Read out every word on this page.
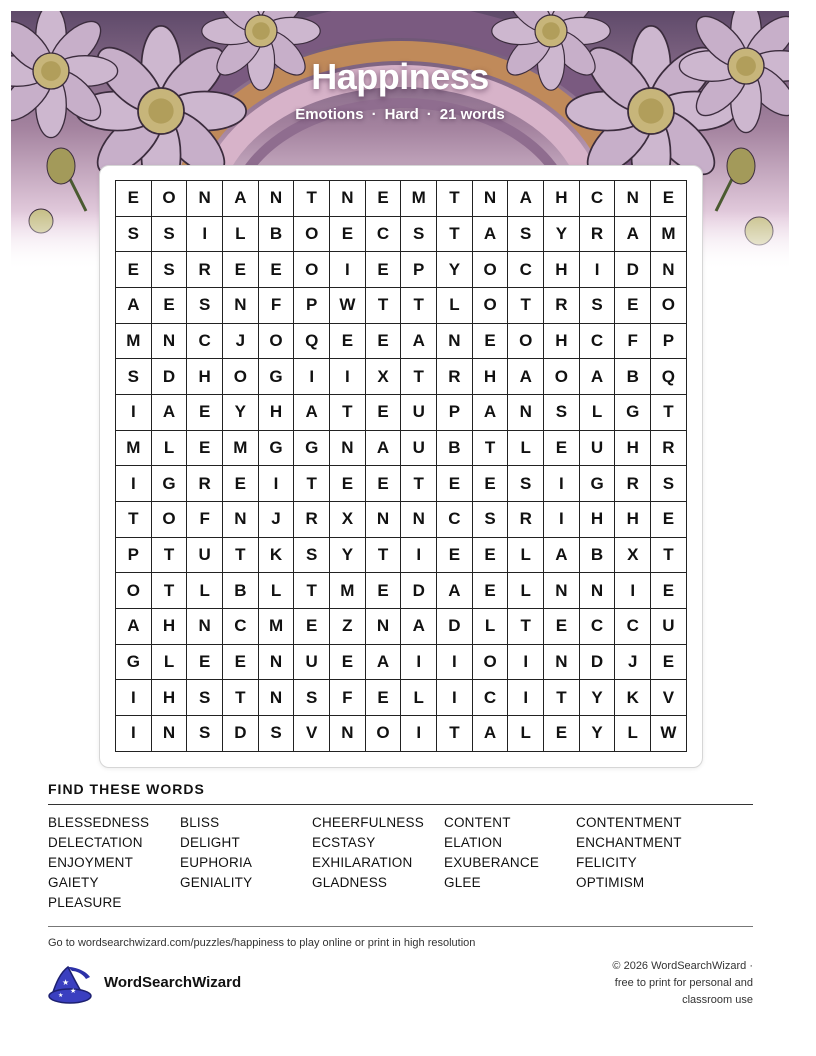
Happiness
Emotions · Hard · 21 words
E	O	N	A	N	T	N	E	M	T	N	A	H	C	N	E
S	S	I	L	B	O	E	C	S	T	A	S	Y	R	A	M
E	S	R	E	E	O	I	E	P	Y	O	C	H	I	D	N
A	E	S	N	F	P	W	T	T	L	O	T	R	S	E	O
M	N	C	J	O	Q	E	E	A	N	E	O	H	C	F	P
S	D	H	O	G	I	I	X	T	R	H	A	O	A	B	Q
I	A	E	Y	H	A	T	E	U	P	A	N	S	L	G	T
M	L	E	M	G	G	N	A	U	B	T	L	E	U	H	R
I	G	R	E	I	T	E	E	T	E	E	S	I	G	R	S
T	O	F	N	J	R	X	N	N	C	S	R	I	H	H	E
P	T	U	T	K	S	Y	T	I	E	E	L	A	B	X	T
O	T	L	B	L	T	M	E	D	A	E	L	N	N	I	E
A	H	N	C	M	E	Z	N	A	D	L	T	E	C	C	U
G	L	E	E	N	U	E	A	I	I	O	I	N	D	J	E
I	H	S	T	N	S	F	E	L	I	C	I	T	Y	K	V
I	N	S	D	S	V	N	O	I	T	A	L	E	Y	L	W
FIND THESE WORDS
BLESSEDNESS	BLISS	CHEERFULNESS	CONTENT	CONTENTMENT
DELECTATION	DELIGHT	ECSTASY	ELATION	ENCHANTMENT
ENJOYMENT	EUPHORIA	EXHILARATION	EXUBERANCE	FELICITY
GAIETY	GENIALITY	GLADNESS	GLEE	OPTIMISM
PLEASURE
Go to wordsearchwizard.com/puzzles/happiness to play online or print in high resolution
★
★
★
WordSearchWizard
© 2026 WordSearchWizard ·
free to print for personal and
classroom use
